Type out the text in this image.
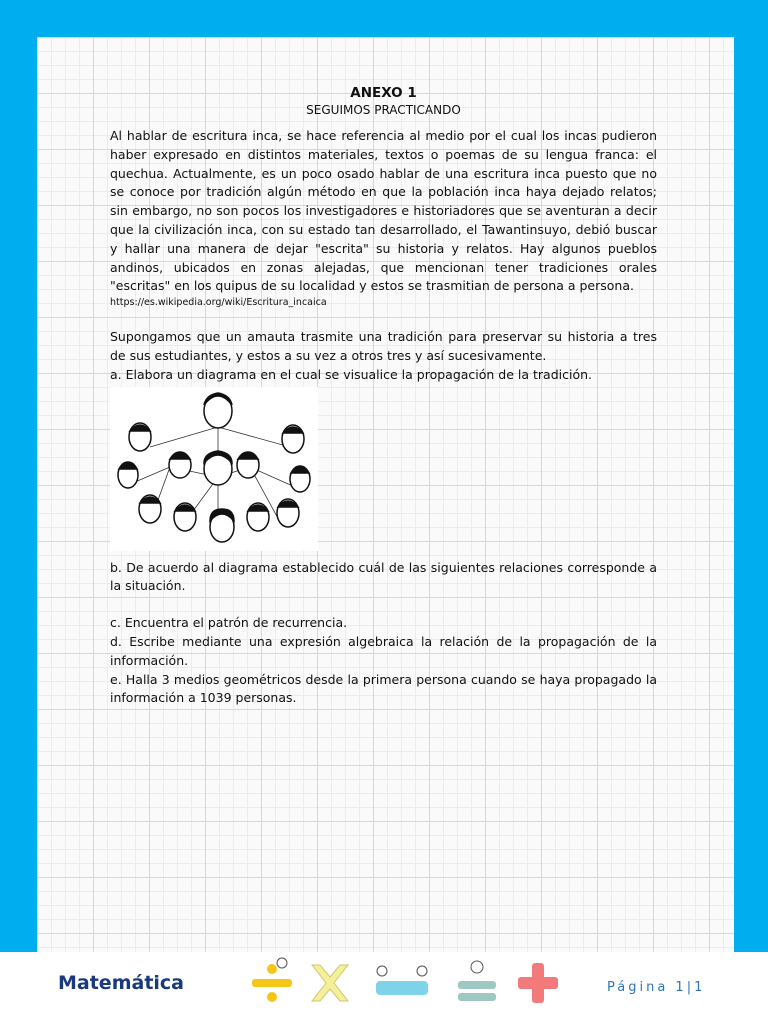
ANEXO 1

SEGUIMOS PRACTICANDO

Al hablar de escritura inca, se hace referencia al medio por el cual los incas pudieron haber expresado en distintos materiales, textos o poemas de su lengua franca: el quechua. Actualmente, es un poco osado hablar de una escritura inca puesto que no se conoce por tradición algún método en que la población inca haya dejado relatos; sin embargo, no son pocos los investigadores e historiadores que se aventuran a decir que la civilización inca, con su estado tan desarrollado, el Tawantinsuyo, debió buscar y hallar una manera de dejar "escrita" su historia y relatos. Hay algunos pueblos andinos, ubicados en zonas alejadas, que mencionan tener tradiciones orales "escritas" en los quipus de su localidad y estos se trasmitian de persona a persona.

https://es.wikipedia.org/wiki/Escritura_incaica

Supongamos que un amauta trasmite una tradición para preservar su historia a tres de sus estudiantes, y estos a su vez a otros tres y así sucesivamente.

a. Elabora un diagrama en el cual se visualice la propagación de la tradición.

b. De acuerdo al diagrama establecido cuál de las siguientes relaciones corresponde a la situación.

c. Encuentra el patrón de recurrencia.

d. Escribe mediante una expresión algebraica la relación de la propagación de la información.

e. Halla 3 medios geométricos desde la primera persona cuando se haya propagado la información a 1039 personas.

Matemática	Página 1|1
